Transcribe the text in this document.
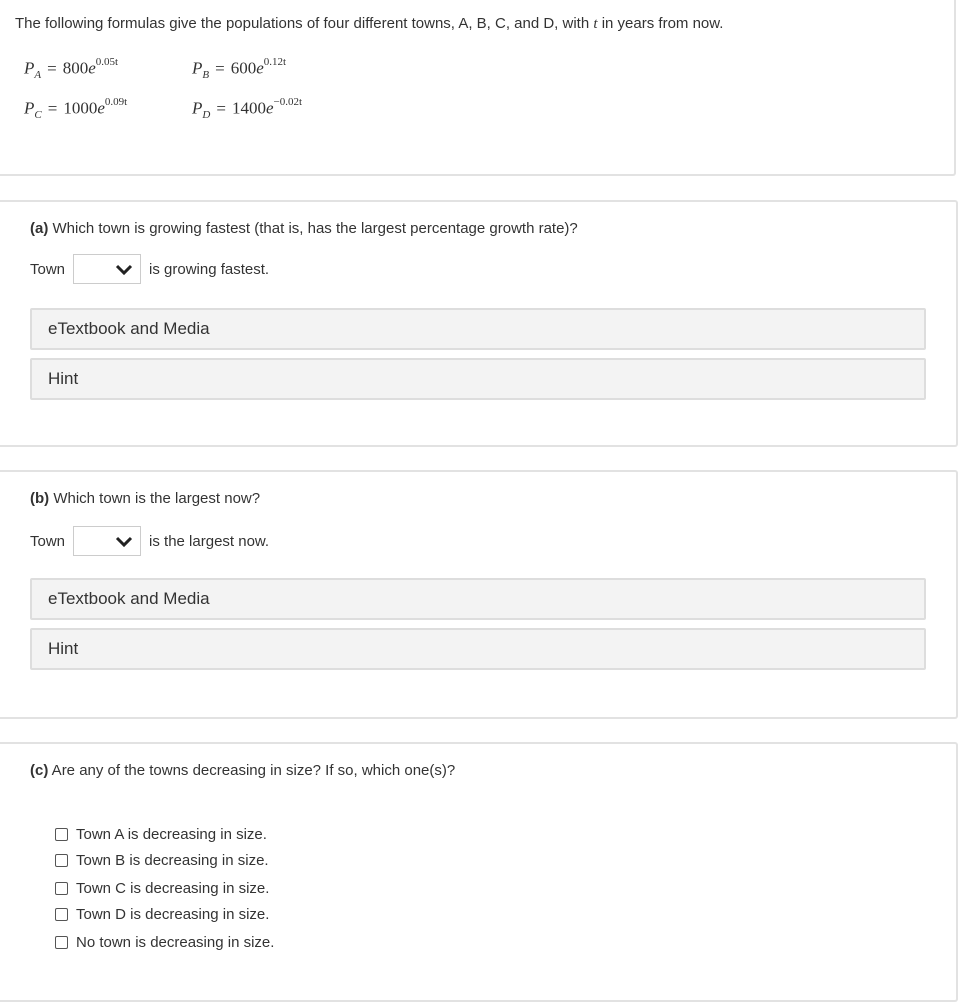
The following formulas give the populations of four different towns, A, B, C, and D, with t in years from now.
$P_A = 800e^{0.05t}$	$P_B = 600e^{0.12t}$
$P_C = 1000e^{0.09t}$	$P_D = 1400e^{-0.02t}$
(a) Which town is growing fastest (that is, has the largest percentage growth rate)?
Town	is growing fastest.
eTextbook and Media
Hint
(b) Which town is the largest now?
Town	is the largest now.
eTextbook and Media
Hint
(c) Are any of the towns decreasing in size? If so, which one(s)?
Town A is decreasing in size.
Town B is decreasing in size.
Town C is decreasing in size.
Town D is decreasing in size.
No town is decreasing in size.
